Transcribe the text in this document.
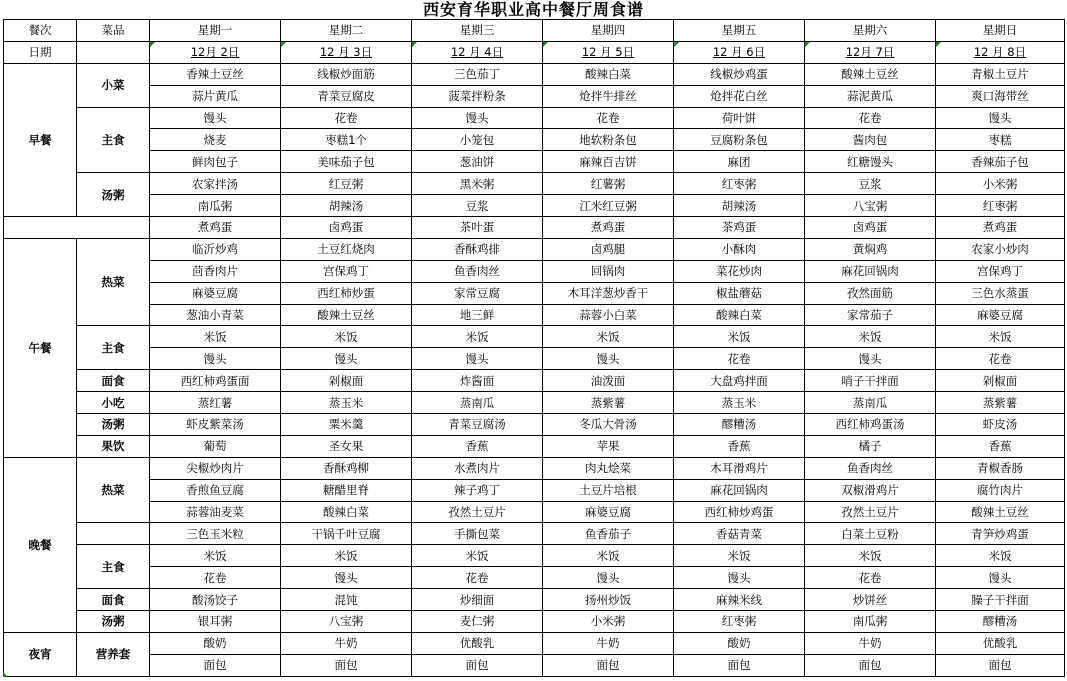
西安育华职业高中餐厅周食谱
餐次	菜品	星期一	星期二	星期三	星期四	星期五	星期六	星期日
日期		12月 2日	12 月 3日	12 月 4日	12 月 5日	12 月 6日	12月 7日	12 月 8日
早餐	小菜	香辣土豆丝	线椒炒面筋	三色茄丁	酸辣白菜	线椒炒鸡蛋	酸辣土豆丝	青椒土豆片
		蒜片黄瓜	青菜豆腐皮	菠菜拌粉条	炝拌牛排丝	炝拌花白丝	蒜泥黄瓜	爽口海带丝
	主食	馒头	花卷	馒头	花卷	荷叶饼	花卷	馒头
		烧麦	枣糕1个	小笼包	地软粉条包	豆腐粉条包	酱肉包	枣糕
		鲜肉包子	美味茄子包	葱油饼	麻辣百吉饼	麻团	红糖馒头	香辣茄子包
	汤粥	农家拌汤	红豆粥	黑米粥	红薯粥	红枣粥	豆浆	小米粥
		南瓜粥	胡辣汤	豆浆	江米红豆粥	胡辣汤	八宝粥	红枣粥
		煮鸡蛋	卤鸡蛋	茶叶蛋	煮鸡蛋	茶鸡蛋	卤鸡蛋	煮鸡蛋
午餐	热菜	临沂炒鸡	土豆红烧肉	香酥鸡排	卤鸡腿	小酥肉	黄焖鸡	农家小炒肉
		茴香肉片	宫保鸡丁	鱼香肉丝	回锅肉	菜花炒肉	麻花回锅肉	宫保鸡丁
		麻婆豆腐	西红柿炒蛋	家常豆腐	木耳洋葱炒香干	椒盐蘑菇	孜然面筋	三色水蒸蛋
		葱油小青菜	酸辣土豆丝	地三鲜	蒜蓉小白菜	酸辣白菜	家常茄子	麻婆豆腐
	主食	米饭	米饭	米饭	米饭	米饭	米饭	米饭
		馒头	馒头	馒头	馒头	花卷	馒头	花卷
	面食	西红柿鸡蛋面	剁椒面	炸酱面	油泼面	大盘鸡拌面	哨子干拌面	剁椒面
	小吃	蒸红薯	蒸玉米	蒸南瓜	蒸紫薯	蒸玉米	蒸南瓜	蒸紫薯
	汤粥	虾皮紫菜汤	粟米羹	青菜豆腐汤	冬瓜大骨汤	醪糟汤	西红柿鸡蛋汤	虾皮汤
	果饮	葡萄	圣女果	香蕉	苹果	香蕉	橘子	香蕉
晚餐	热菜	尖椒炒肉片	香酥鸡柳	水煮肉片	肉丸烩菜	木耳滑鸡片	鱼香肉丝	青椒香肠
		香煎鱼豆腐	糖醋里脊	辣子鸡丁	土豆片培根	麻花回锅肉	双椒滑鸡片	腐竹肉片
		蒜蓉油麦菜	酸辣白菜	孜然土豆片	麻婆豆腐	西红柿炒鸡蛋	孜然土豆片	酸辣土豆丝
		三色玉米粒	干锅千叶豆腐	手撕包菜	鱼香茄子	香菇青菜	白菜土豆粉	青笋炒鸡蛋
	主食	米饭	米饭	米饭	米饭	米饭	米饭	米饭
		花卷	馒头	花卷	馒头	馒头	花卷	馒头
	面食	酸汤饺子	混饨	炒细面	扬州炒饭	麻辣米线	炒饼丝	臊子干拌面
	汤粥	银耳粥	八宝粥	麦仁粥	小米粥	红枣粥	南瓜粥	醪糟汤
夜宵	营养套	酸奶	牛奶	优酸乳	牛奶	酸奶	牛奶	优酸乳
		面包	面包	面包	面包	面包	面包	面包
